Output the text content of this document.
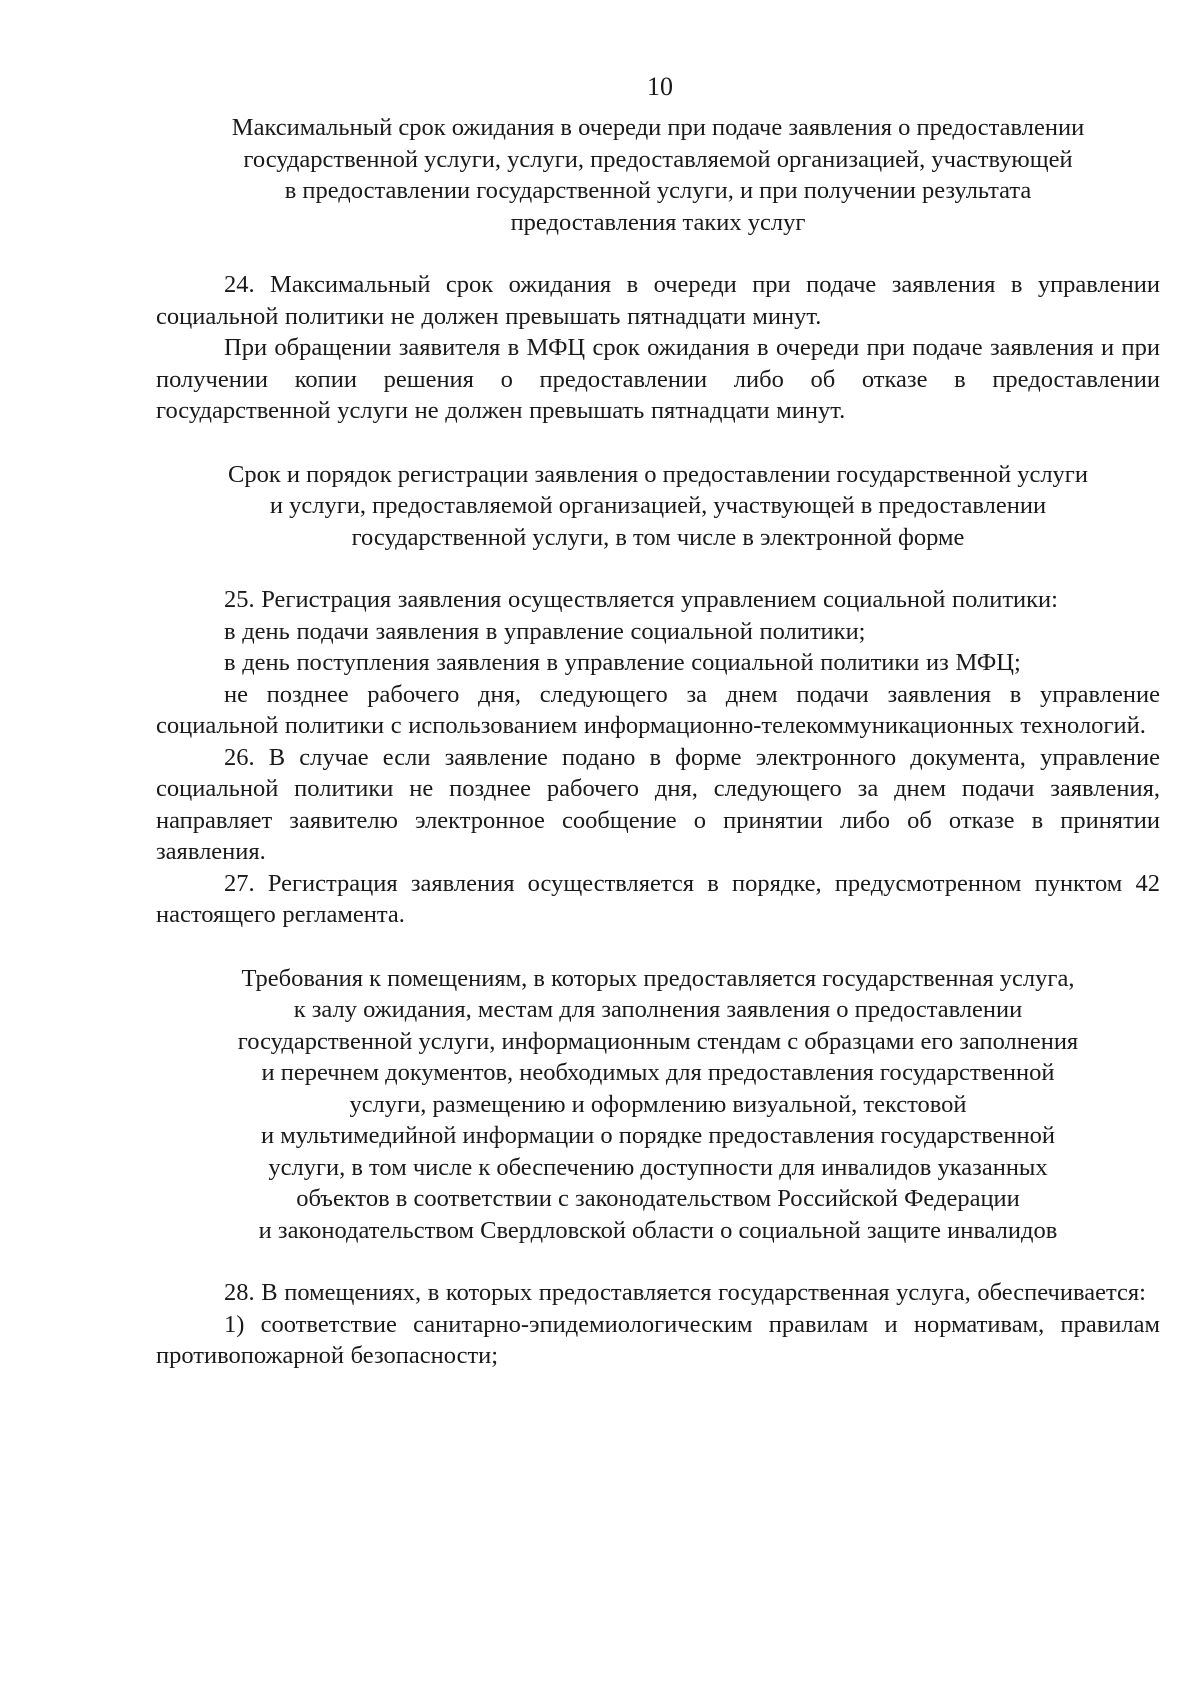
10
Максимальный срок ожидания в очереди при подаче заявления о предоставлении
государственной услуги, услуги, предоставляемой организацией, участвующей
в предоставлении государственной услуги, и при получении результата
предоставления таких услуг

24. Максимальный срок ожидания в очереди при подаче заявления в управлении социальной политики не должен превышать пятнадцати минут.

При обращении заявителя в МФЦ срок ожидания в очереди при подаче заявления и при получении копии решения о предоставлении либо об отказе в предоставлении государственной услуги не должен превышать пятнадцати минут.

Срок и порядок регистрации заявления о предоставлении государственной услуги
и услуги, предоставляемой организацией, участвующей в предоставлении
государственной услуги, в том числе в электронной форме

25. Регистрация заявления осуществляется управлением социальной политики:

в день подачи заявления в управление социальной политики;

в день поступления заявления в управление социальной политики из МФЦ;

не позднее рабочего дня, следующего за днем подачи заявления в управление социальной политики с использованием информационно-телекоммуникационных технологий.

26. В случае если заявление подано в форме электронного документа, управление социальной политики не позднее рабочего дня, следующего за днем подачи заявления, направляет заявителю электронное сообщение о принятии либо об отказе в принятии заявления.

27. Регистрация заявления осуществляется в порядке, предусмотренном пунктом 42 настоящего регламента.

Требования к помещениям, в которых предоставляется государственная услуга,
к залу ожидания, местам для заполнения заявления о предоставлении
государственной услуги, информационным стендам с образцами его заполнения
и перечнем документов, необходимых для предоставления государственной
услуги, размещению и оформлению визуальной, текстовой
и мультимедийной информации о порядке предоставления государственной
услуги, в том числе к обеспечению доступности для инвалидов указанных
объектов в соответствии с законодательством Российской Федерации
и законодательством Свердловской области о социальной защите инвалидов

28. В помещениях, в которых предоставляется государственная услуга, обеспечивается:

1) соответствие санитарно-эпидемиологическим правилам и нормативам, правилам противопожарной безопасности;
